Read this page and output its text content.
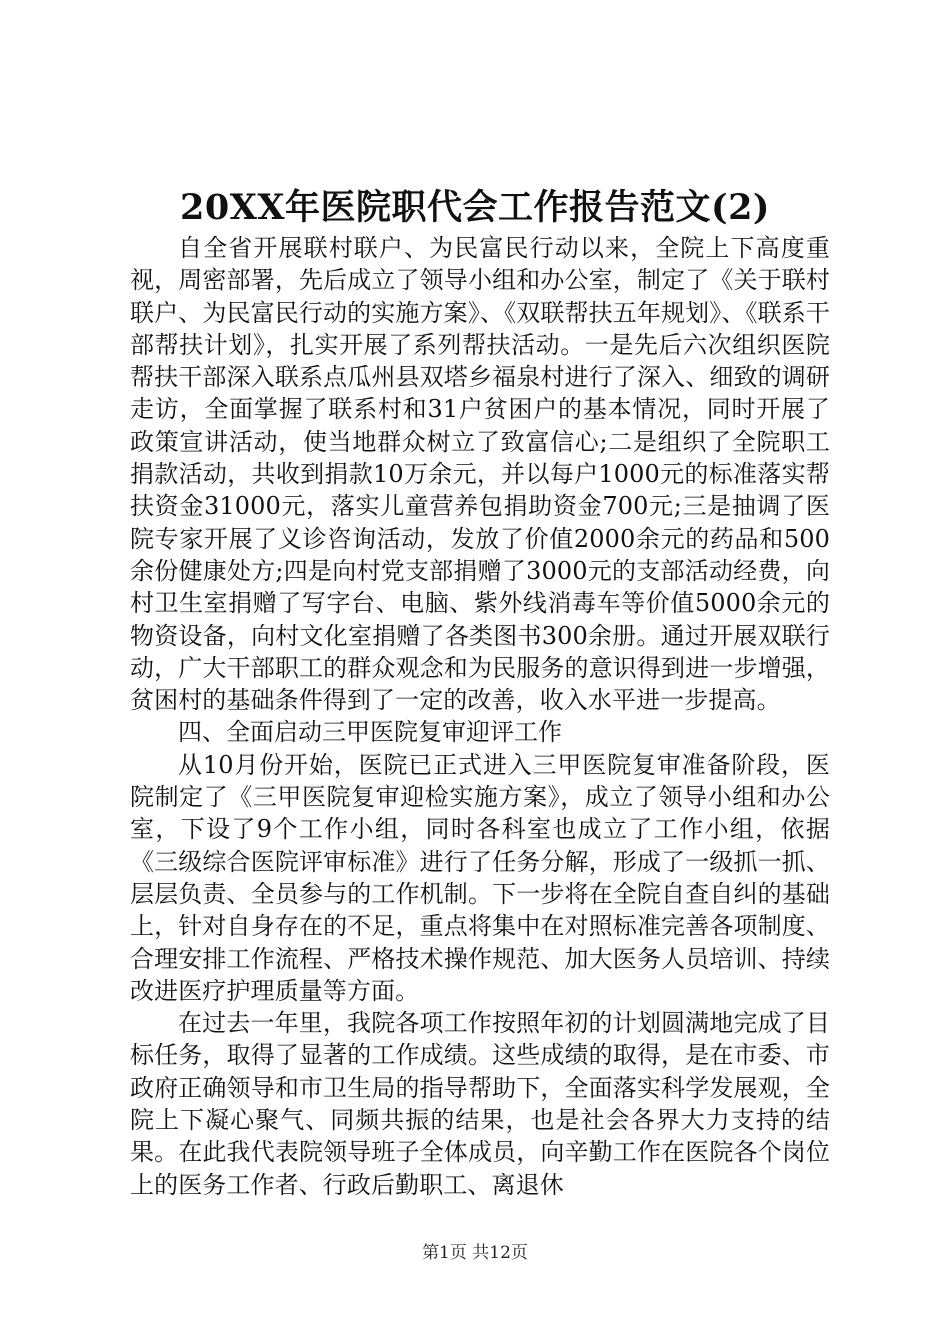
20XX年医院职代会工作报告范文(2)

自全省开展联村联户、为民富民行动以来，全院上下高度重视，周密部署，先后成立了领导小组和办公室，制定了《关于联村联户、为民富民行动的实施方案》、《双联帮扶五年规划》、《联系干部帮扶计划》，扎实开展了系列帮扶活动。一是先后六次组织医院帮扶干部深入联系点瓜州县双塔乡福泉村进行了深入、细致的调研走访，全面掌握了联系村和31户贫困户的基本情况，同时开展了政策宣讲活动，使当地群众树立了致富信心;二是组织了全院职工捐款活动，共收到捐款10万余元，并以每户1000元的标准落实帮扶资金31000元，落实儿童营养包捐助资金700元;三是抽调了医院专家开展了义诊咨询活动，发放了价值2000余元的药品和500余份健康处方;四是向村党支部捐赠了3000元的支部活动经费，向村卫生室捐赠了写字台、电脑、紫外线消毒车等价值5000余元的物资设备，向村文化室捐赠了各类图书300余册。通过开展双联行动，广大干部职工的群众观念和为民服务的意识得到进一步增强，贫困村的基础条件得到了一定的改善，收入水平进一步提高。

四、全面启动三甲医院复审迎评工作

从10月份开始，医院已正式进入三甲医院复审准备阶段，医院制定了《三甲医院复审迎检实施方案》，成立了领导小组和办公室，下设了9个工作小组，同时各科室也成立了工作小组，依据《三级综合医院评审标准》进行了任务分解，形成了一级抓一抓、层层负责、全员参与的工作机制。下一步将在全院自查自纠的基础上，针对自身存在的不足，重点将集中在对照标准完善各项制度、合理安排工作流程、严格技术操作规范、加大医务人员培训、持续改进医疗护理质量等方面。

在过去一年里，我院各项工作按照年初的计划圆满地完成了目标任务，取得了显著的工作成绩。这些成绩的取得，是在市委、市政府正确领导和市卫生局的指导帮助下，全面落实科学发展观，全院上下凝心聚气、同频共振的结果，也是社会各界大力支持的结果。在此我代表院领导班子全体成员，向辛勤工作在医院各个岗位上的医务工作者、行政后勤职工、离退休

第1页 共12页
